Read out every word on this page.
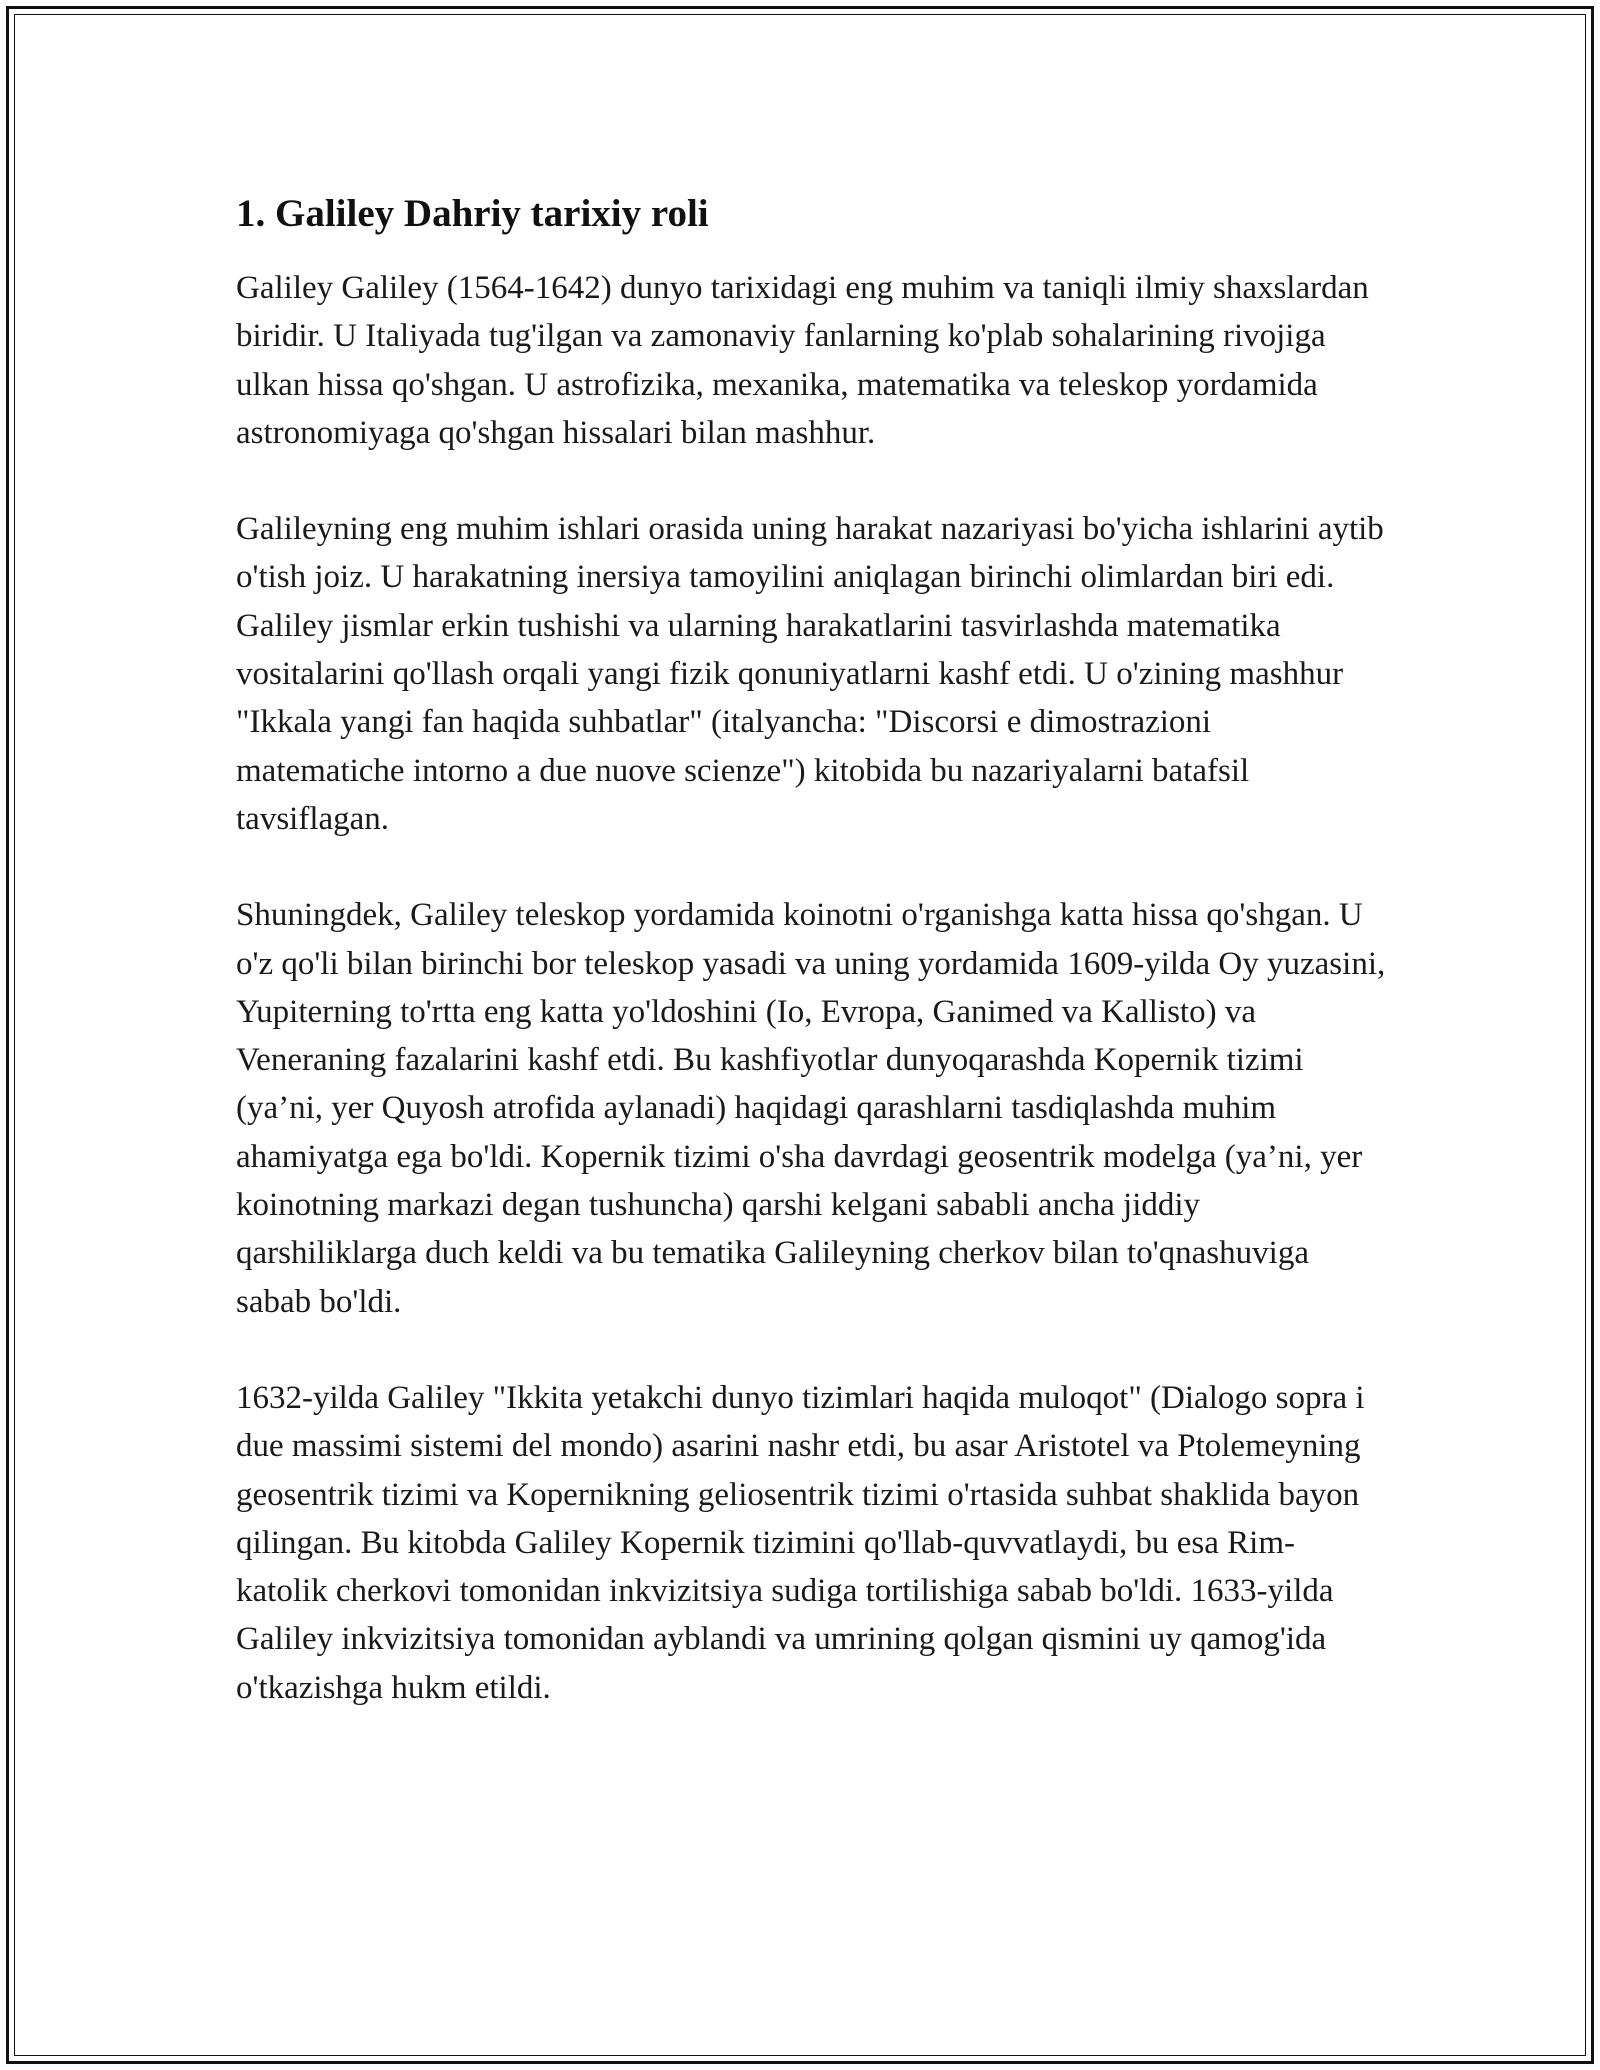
1. Galiley Dahriy tarixiy roli

Galiley Galiley (1564-1642) dunyo tarixidagi eng muhim va taniqli ilmiy shaxslardan biridir. U Italiyada tug'ilgan va zamonaviy fanlarning ko'plab sohalarining rivojiga ulkan hissa qo'shgan. U astrofizika, mexanika, matematika va teleskop yordamida astronomiyaga qo'shgan hissalari bilan mashhur.

Galileyning eng muhim ishlari orasida uning harakat nazariyasi bo'yicha ishlarini aytib o'tish joiz. U harakatning inersiya tamoyilini aniqlagan birinchi olimlardan biri edi. Galiley jismlar erkin tushishi va ularning harakatlarini tasvirlashda matematika vositalarini qo'llash orqali yangi fizik qonuniyatlarni kashf etdi. U o'zining mashhur "Ikkala yangi fan haqida suhbatlar" (italyancha: "Discorsi e dimostrazioni matematiche intorno a due nuove scienze") kitobida bu nazariyalarni batafsil tavsiflagan.

Shuningdek, Galiley teleskop yordamida koinotni o'rganishga katta hissa qo'shgan. U o'z qo'li bilan birinchi bor teleskop yasadi va uning yordamida 1609-yilda Oy yuzasini, Yupiterning to'rtta eng katta yo'ldoshini (Io, Evropa, Ganimed va Kallisto) va Veneraning fazalarini kashf etdi. Bu kashfiyotlar dunyoqarashda Kopernik tizimi (ya’ni, yer Quyosh atrofida aylanadi) haqidagi qarashlarni tasdiqlashda muhim ahamiyatga ega bo'ldi. Kopernik tizimi o'sha davrdagi geosentrik modelga (ya’ni, yer koinotning markazi degan tushuncha) qarshi kelgani sababli ancha jiddiy qarshiliklarga duch keldi va bu tematika Galileyning cherkov bilan to'qnashuviga sabab bo'ldi.

1632-yilda Galiley "Ikkita yetakchi dunyo tizimlari haqida muloqot" (Dialogo sopra i due massimi sistemi del mondo) asarini nashr etdi, bu asar Aristotel va Ptolemeyning geosentrik tizimi va Kopernikning geliosentrik tizimi o'rtasida suhbat shaklida bayon qilingan. Bu kitobda Galiley Kopernik tizimini qo'llab-quvvatlaydi, bu esa Rim-katolik cherkovi tomonidan inkvizitsiya sudiga tortilishiga sabab bo'ldi. 1633-yilda Galiley inkvizitsiya tomonidan ayblandi va umrining qolgan qismini uy qamog'ida o'tkazishga hukm etildi.
